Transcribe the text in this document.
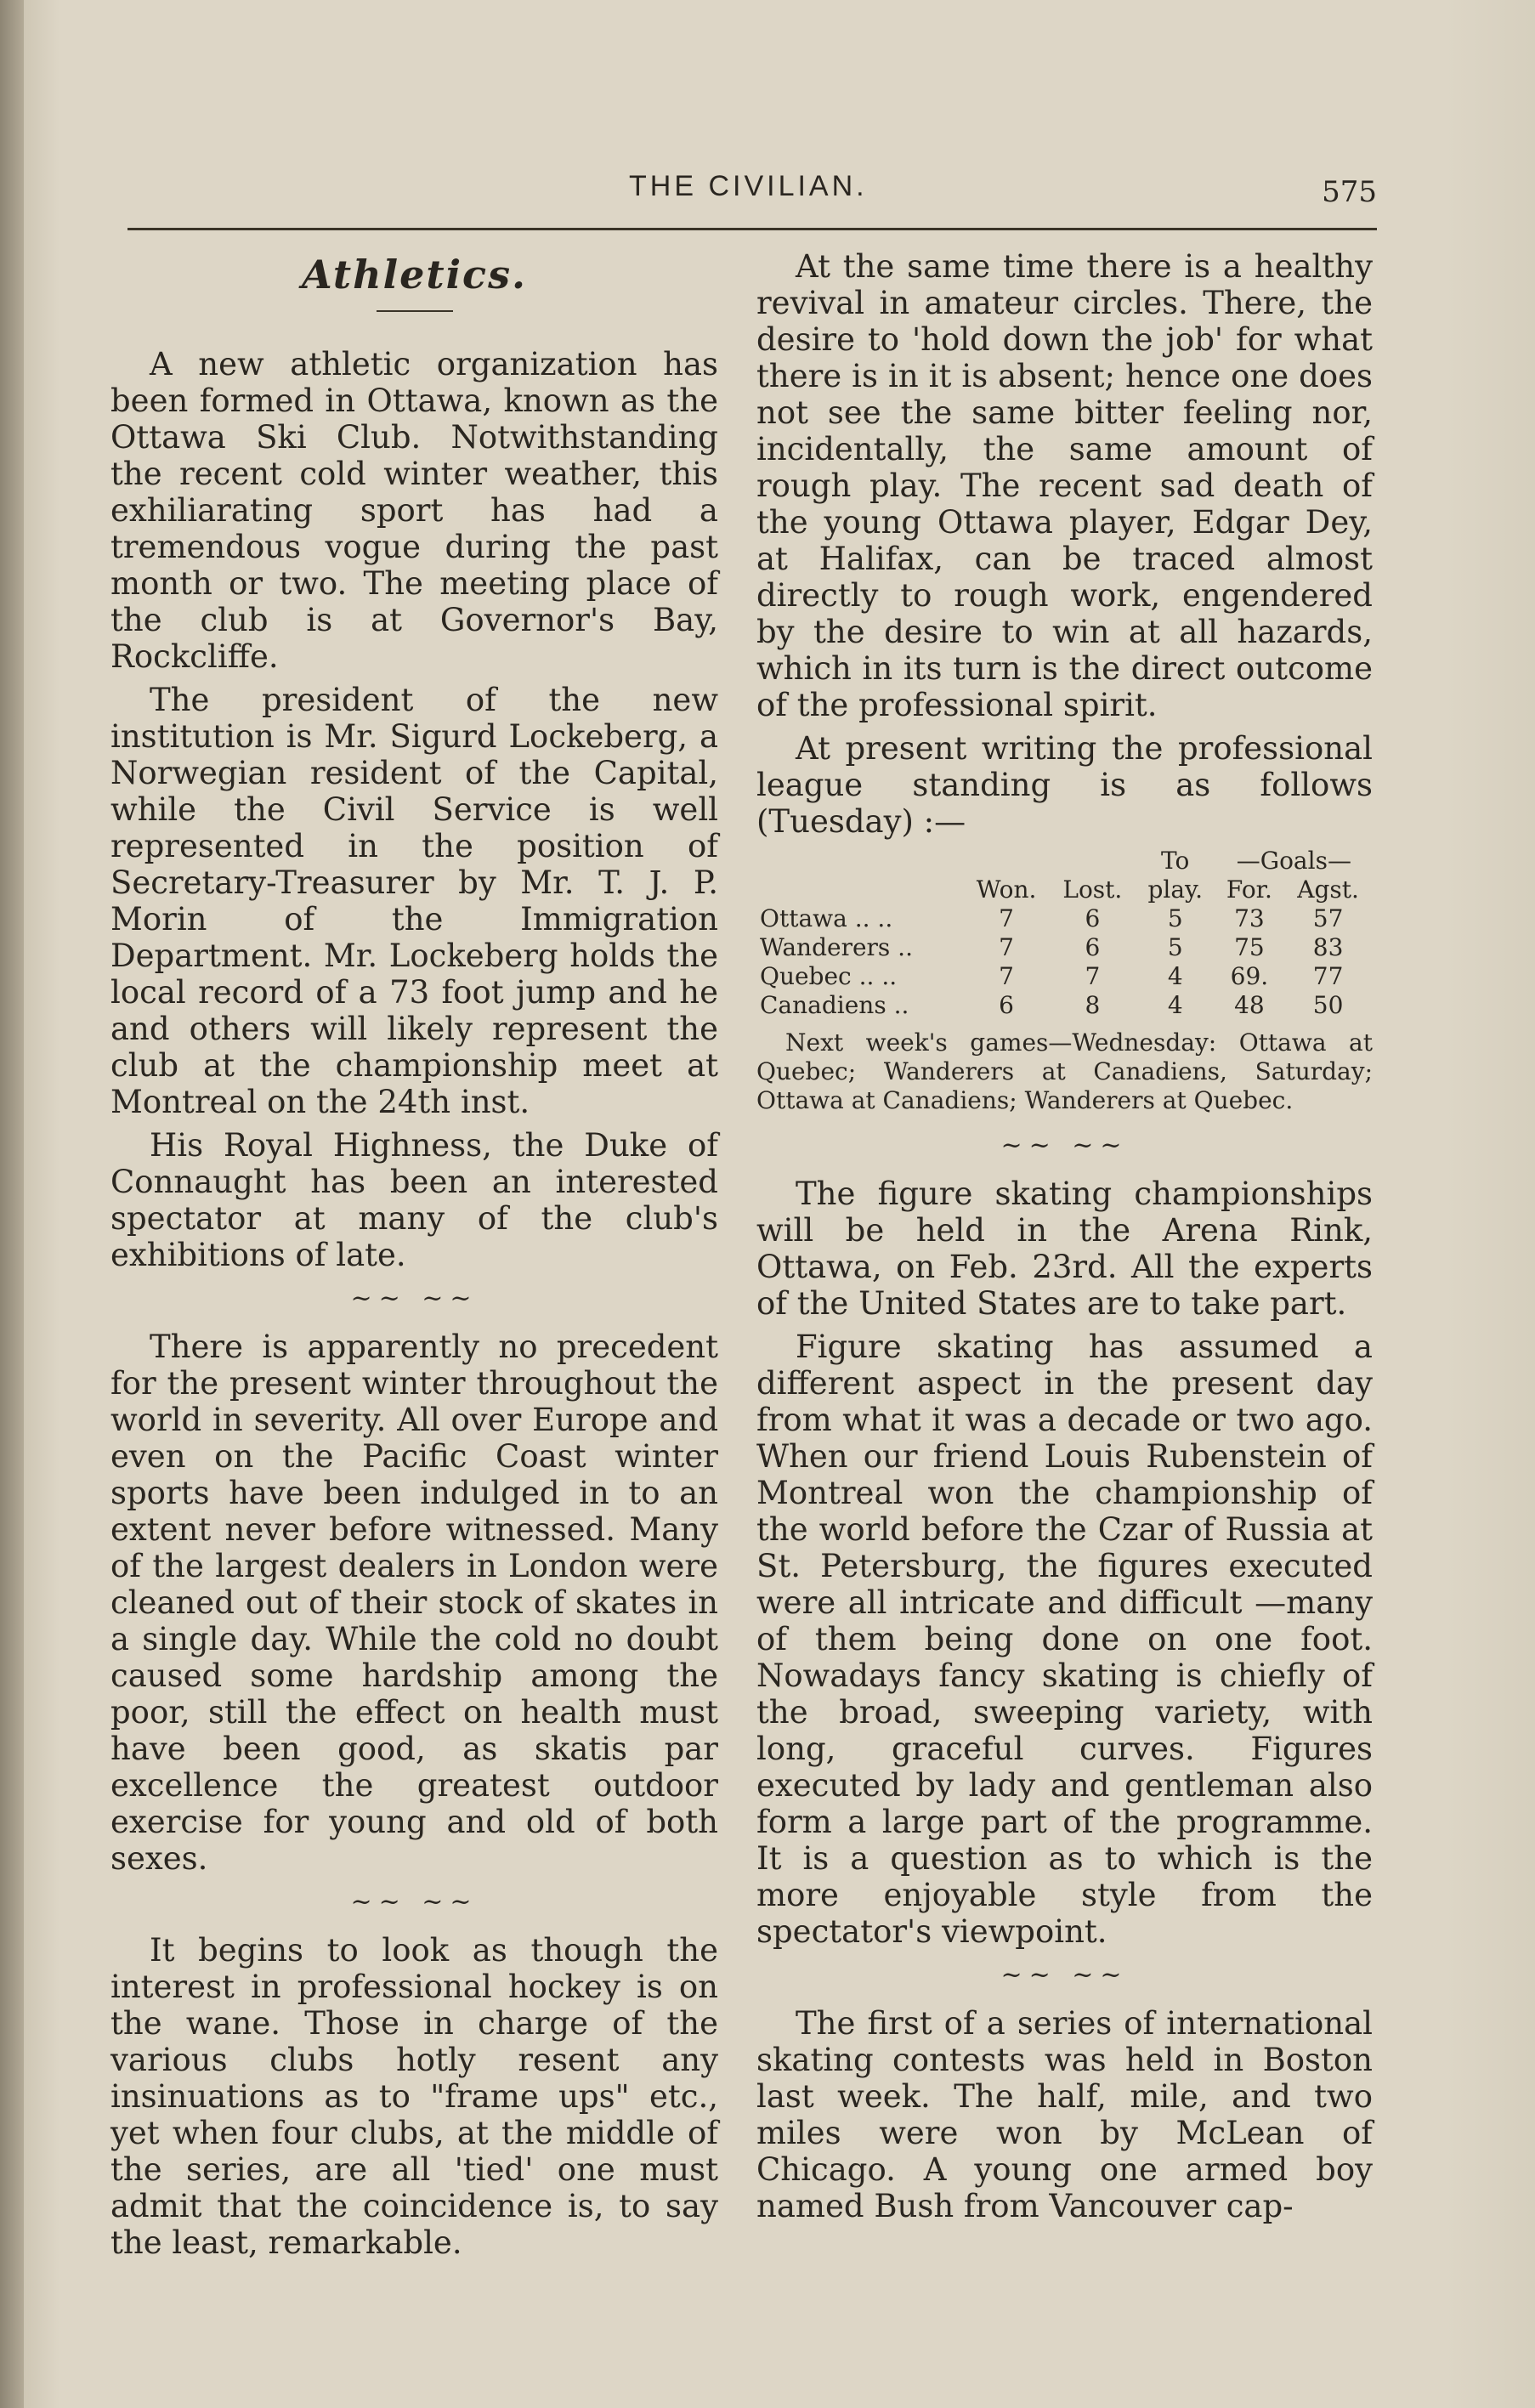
THE CIVILIAN.	575
Athletics.

A new athletic organization has been formed in Ottawa, known as the Ottawa Ski Club. Notwithstanding the recent cold winter weather, this exhiliarating sport has had a tremendous vogue during the past month or two. The meeting place of the club is at Governor's Bay, Rockcliffe.

The president of the new institution is Mr. Sigurd Lockeberg, a Norwegian resident of the Capital, while the Civil Service is well represented in the position of Secretary-Treasurer by Mr. T. J. P. Morin of the Immigration Department. Mr. Lockeberg holds the local record of a 73 foot jump and he and others will likely represent the club at the championship meet at Montreal on the 24th inst.

His Royal Highness, the Duke of Connaught has been an interested spectator at many of the club's exhibitions of late.

~~ ~~

There is apparently no precedent for the present winter throughout the world in severity. All over Europe and even on the Pacific Coast winter sports have been indulged in to an extent never before witnessed. Many of the largest dealers in London were cleaned out of their stock of skates in a single day. While the cold no doubt caused some hardship among the poor, still the effect on health must have been good, as skatis par excellence the greatest outdoor exercise for young and old of both sexes.

~~ ~~

It begins to look as though the interest in professional hockey is on the wane. Those in charge of the various clubs hotly resent any insinuations as to "frame ups" etc., yet when four clubs, at the middle of the series, are all 'tied' one must admit that the coincidence is, to say the least, remarkable.

At the same time there is a healthy revival in amateur circles. There, the desire to 'hold down the job' for what there is in it is absent; hence one does not see the same bitter feeling nor, incidentally, the same amount of rough play. The recent sad death of the young Ottawa player, Edgar Dey, at Halifax, can be traced almost directly to rough work, engendered by the desire to win at all hazards, which in its turn is the direct outcome of the professional spirit.

At present writing the professional league standing is as follows (Tuesday) :—

			To	—Goals—	
	Won.	Lost.	play.	For.	Agst.
Ottawa .. ..	7	6	5	73	57
Wanderers ..	7	6	5	75	83
Quebec .. ..	7	7	4	69.	77
Canadiens ..	6	8	4	48	50
Next week's games—Wednesday: Ottawa at Quebec; Wanderers at Canadiens, Saturday; Ottawa at Canadiens; Wanderers at Quebec.
~~ ~~

The figure skating championships will be held in the Arena Rink, Ottawa, on Feb. 23rd. All the experts of the United States are to take part.

Figure skating has assumed a different aspect in the present day from what it was a decade or two ago. When our friend Louis Rubenstein of Montreal won the championship of the world before the Czar of Russia at St. Petersburg, the figures executed were all intricate and difficult —many of them being done on one foot. Nowadays fancy skating is chiefly of the broad, sweeping variety, with long, graceful curves. Figures executed by lady and gentleman also form a large part of the programme. It is a question as to which is the more enjoyable style from the spectator's viewpoint.

~~ ~~

The first of a series of international skating contests was held in Boston last week. The half, mile, and two miles were won by McLean of Chicago. A young one armed boy named Bush from Vancouver cap-
